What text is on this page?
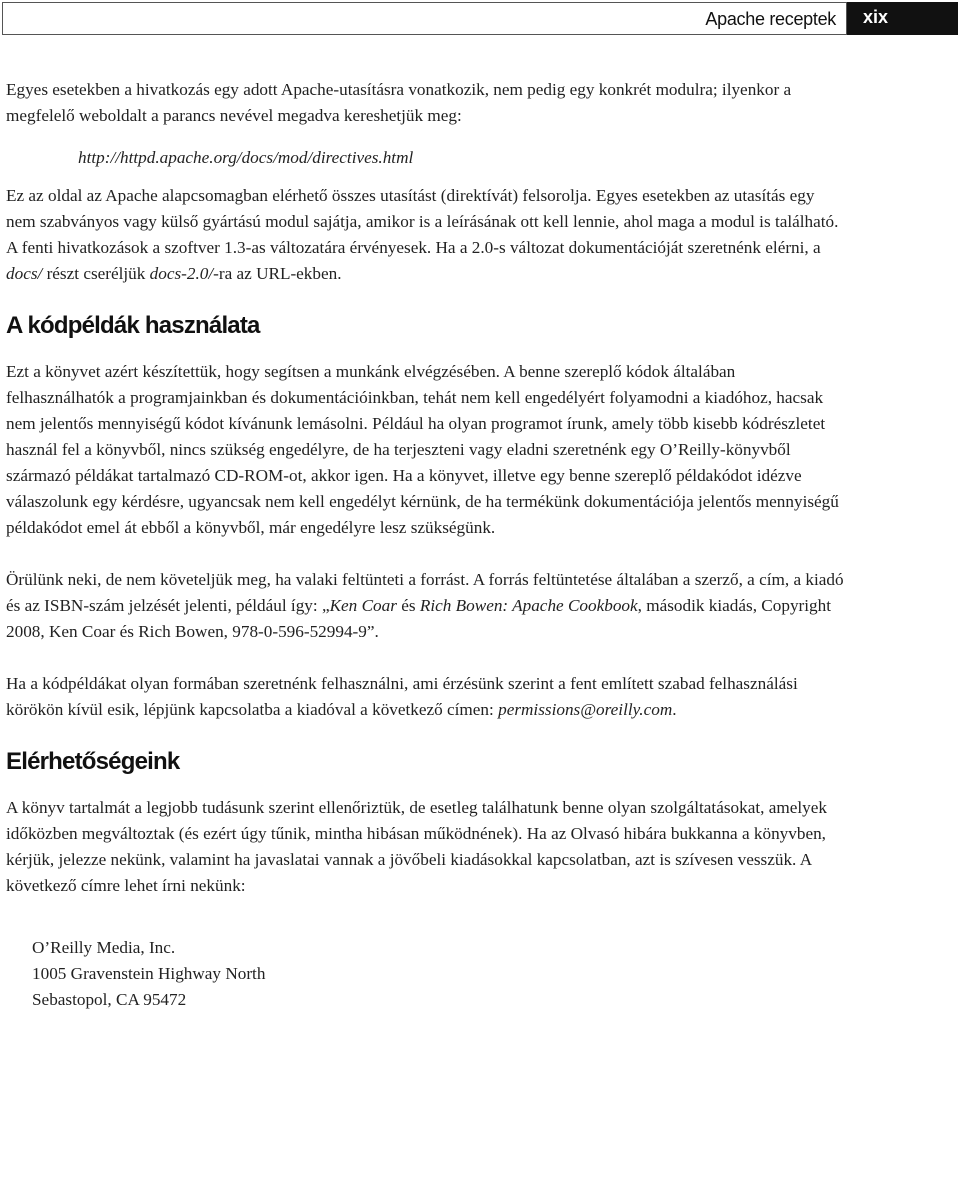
Apache receptek xix

Egyes esetekben a hivatkozás egy adott Apache-utasításra vonatkozik, nem pedig egy konkrét modulra; ilyenkor a megfelelő weboldalt a parancs nevével megadva kereshetjük meg:

http://httpd.apache.org/docs/mod/directives.html

Ez az oldal az Apache alapcsomagban elérhető összes utasítást (direktívát) felsorolja. Egyes esetekben az utasítás egy nem szabványos vagy külső gyártású modul sajátja, amikor is a leírásának ott kell lennie, ahol maga a modul is található. A fenti hivatkozások a szoftver 1.3-as változatára érvényesek. Ha a 2.0-s változat dokumentációját szeretnénk elérni, a docs/ részt cseréljük docs-2.0/-ra az URL-ekben.

A kódpéldák használata

Ezt a könyvet azért készítettük, hogy segítsen a munkánk elvégzésében. A benne szereplő kódok általában felhasználhatók a programjainkban és dokumentációinkban, tehát nem kell engedélyért folyamodni a kiadóhoz, hacsak nem jelentős mennyiségű kódot kívánunk lemásolni. Például ha olyan programot írunk, amely több kisebb kódrészletet használ fel a könyvből, nincs szükség engedélyre, de ha terjeszteni vagy eladni szeretnénk egy O’Reilly-könyvből származó példákat tartalmazó CD-ROM-ot, akkor igen. Ha a könyvet, illetve egy benne szereplő példakódot idézve válaszolunk egy kérdésre, ugyancsak nem kell engedélyt kérnünk, de ha termékünk dokumentációja jelentős mennyiségű példakódot emel át ebből a könyvből, már engedélyre lesz szükségünk.

Örülünk neki, de nem követeljük meg, ha valaki feltünteti a forrást. A forrás feltüntetése általában a szerző, a cím, a kiadó és az ISBN-szám jelzését jelenti, például így: „Ken Coar és Rich Bowen: Apache Cookbook, második kiadás, Copyright 2008, Ken Coar és Rich Bowen, 978-0-596-52994-9”.

Ha a kódpéldákat olyan formában szeretnénk felhasználni, ami érzésünk szerint a fent említett szabad felhasználási körökön kívül esik, lépjünk kapcsolatba a kiadóval a következő címen: permissions@oreilly.com.

Elérhetőségeink

A könyv tartalmát a legjobb tudásunk szerint ellenőriztük, de esetleg találhatunk benne olyan szolgáltatásokat, amelyek időközben megváltoztak (és ezért úgy tűnik, mintha hibásan működnének). Ha az Olvasó hibára bukkanna a könyvben, kérjük, jelezze nekünk, valamint ha javaslatai vannak a jövőbeli kiadásokkal kapcsolatban, azt is szívesen vesszük. A következő címre lehet írni nekünk:

O’Reilly Media, Inc.
1005 Gravenstein Highway North
Sebastopol, CA 95472
